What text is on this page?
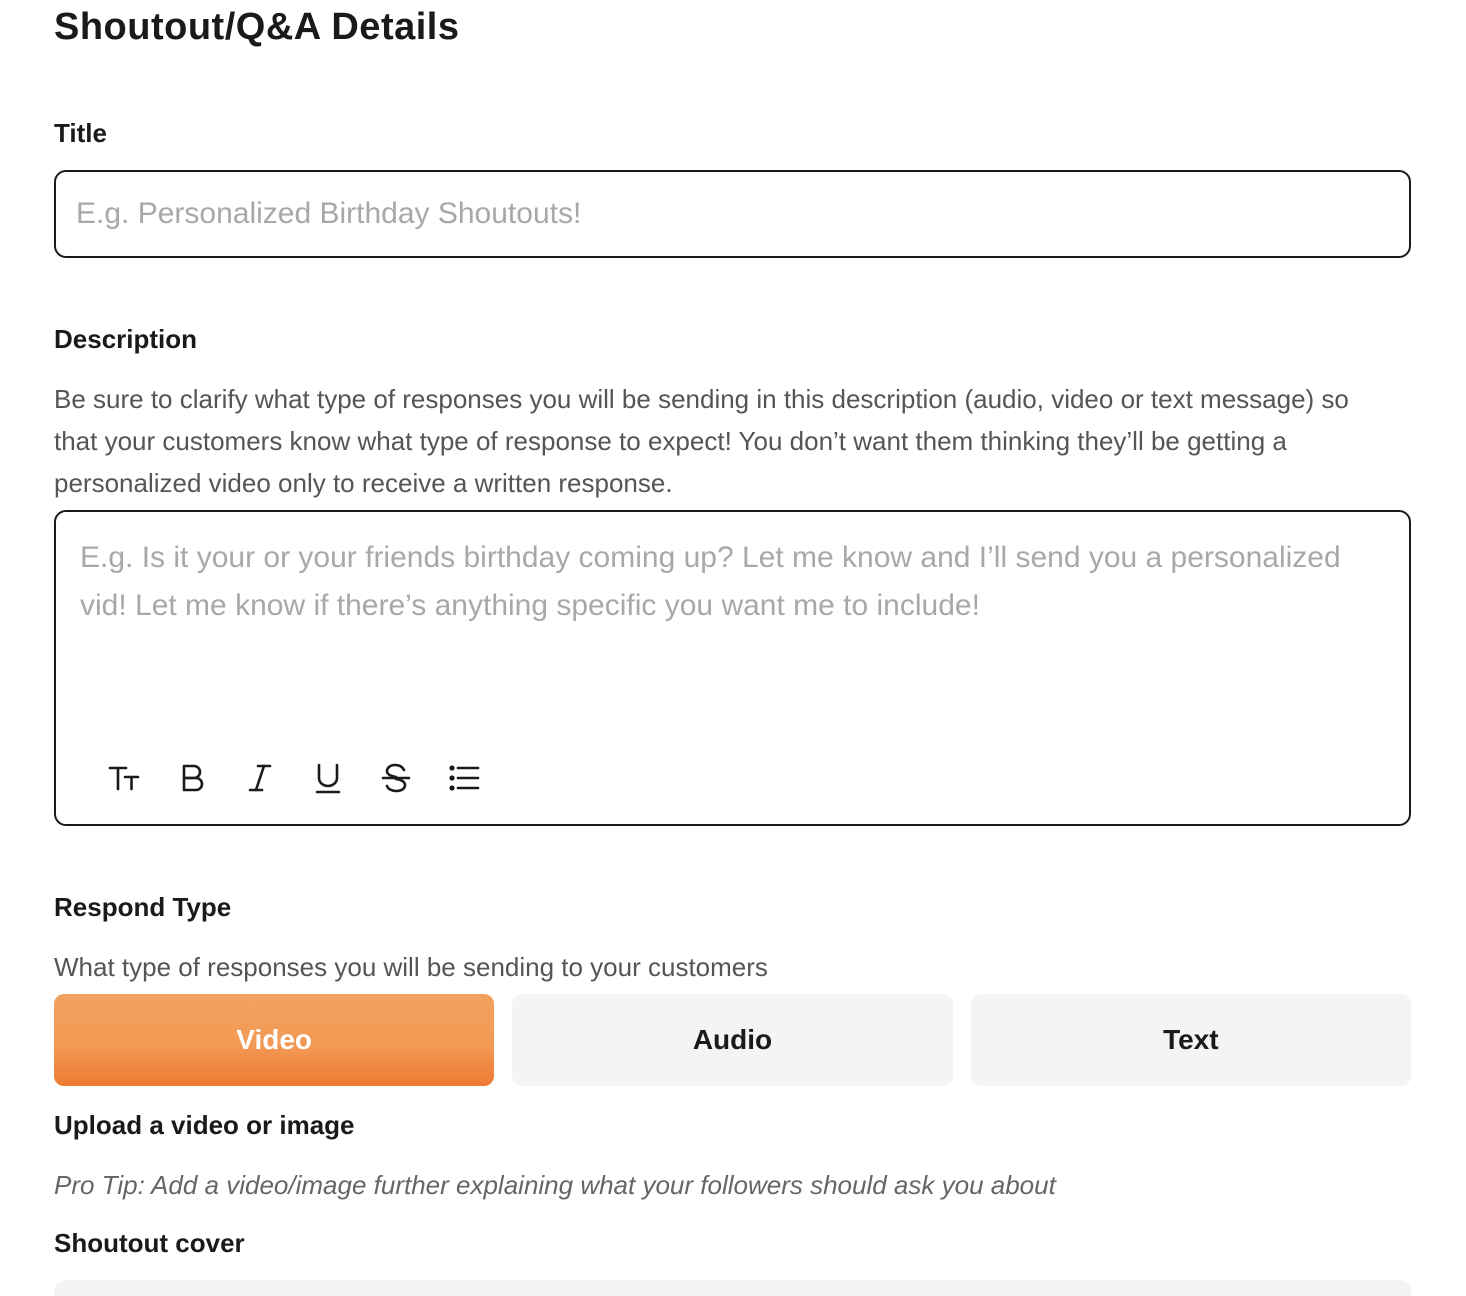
Shoutout/Q&A Details
Title
E.g. Personalized Birthday Shoutouts!
Description
Be sure to clarify what type of responses you will be sending in this description (audio, video or text message) so that your customers know what type of response to expect! You don’t want them thinking they’ll be getting a personalized video only to receive a written response.
E.g. Is it your or your friends birthday coming up? Let me know and I’ll send you a personalized vid! Let me know if there’s anything specific you want me to include!
Respond Type
What type of responses you will be sending to your customers
Video	Audio	Text
Upload a video or image
Pro Tip: Add a video/image further explaining what your followers should ask you about
Shoutout cover
